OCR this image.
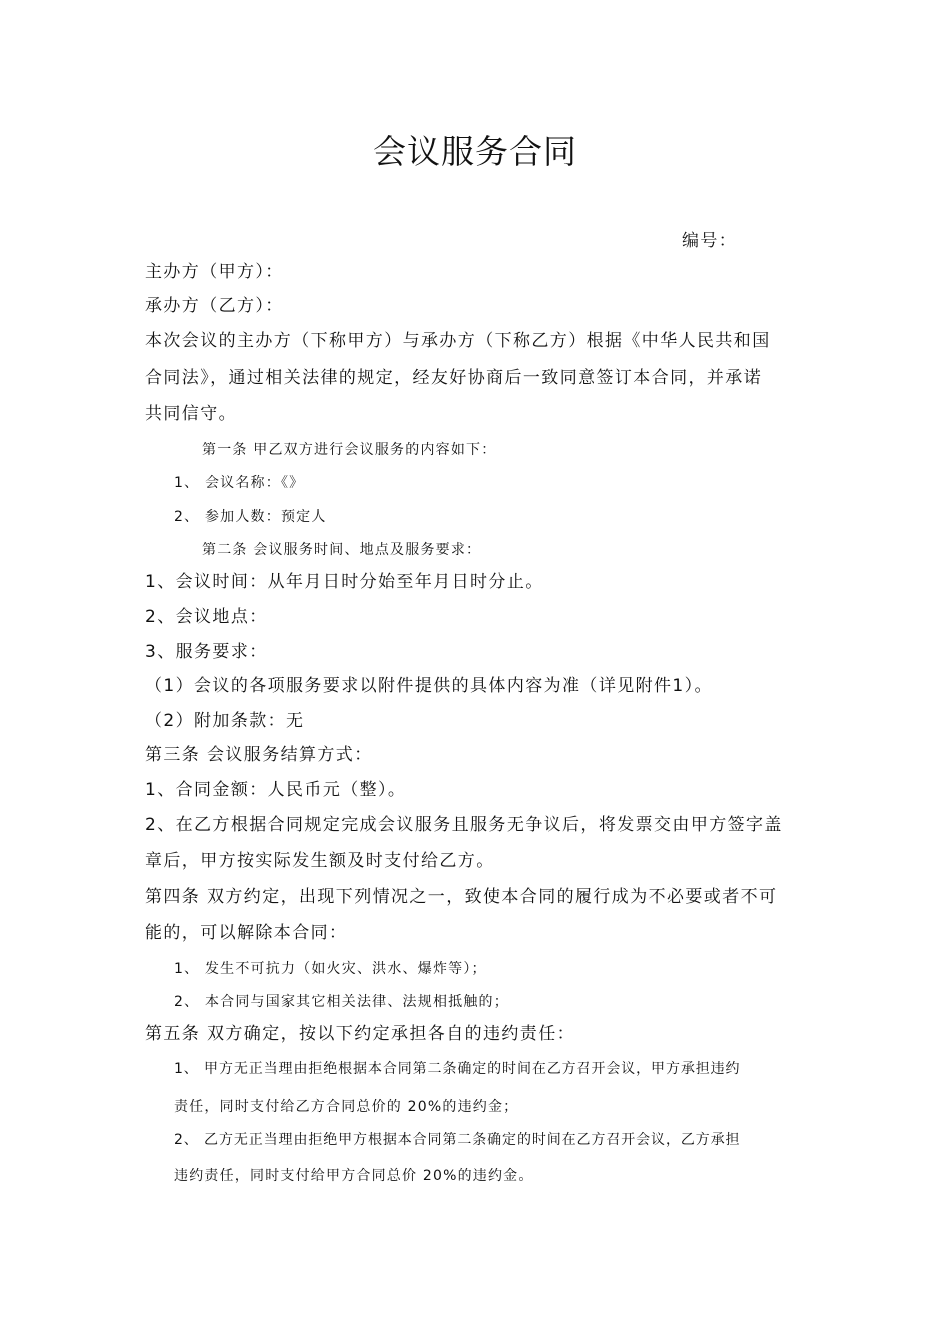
会议服务合同
编号：
主办方（甲方）：
承办方（乙方）：
本次会议的主办方（下称甲方）与承办方（下称乙方）根据《中华人民共和国
合同法》，通过相关法律的规定，经友好协商后一致同意签订本合同，并承诺
共同信守。
第一条 甲乙双方进行会议服务的内容如下：
1、 会议名称：《》
2、 参加人数：预定人
第二条 会议服务时间、地点及服务要求：
1、会议时间：从年月日时分始至年月日时分止。
2、会议地点：
3、服务要求：
（1）会议的各项服务要求以附件提供的具体内容为准（详见附件1）。
（2）附加条款：无
第三条 会议服务结算方式：
1、合同金额：人民币元（整）。
2、在乙方根据合同规定完成会议服务且服务无争议后，将发票交由甲方签字盖
章后，甲方按实际发生额及时支付给乙方。
第四条 双方约定，出现下列情况之一，致使本合同的履行成为不必要或者不可
能的，可以解除本合同：
1、 发生不可抗力（如火灾、洪水、爆炸等）；
2、 本合同与国家其它相关法律、法规相抵触的；
第五条 双方确定，按以下约定承担各自的违约责任：
1、 甲方无正当理由拒绝根据本合同第二条确定的时间在乙方召开会议，甲方承担违约
责任，同时支付给乙方合同总价的 20%的违约金；
2、 乙方无正当理由拒绝甲方根据本合同第二条确定的时间在乙方召开会议，乙方承担
违约责任，同时支付给甲方合同总价 20%的违约金。
